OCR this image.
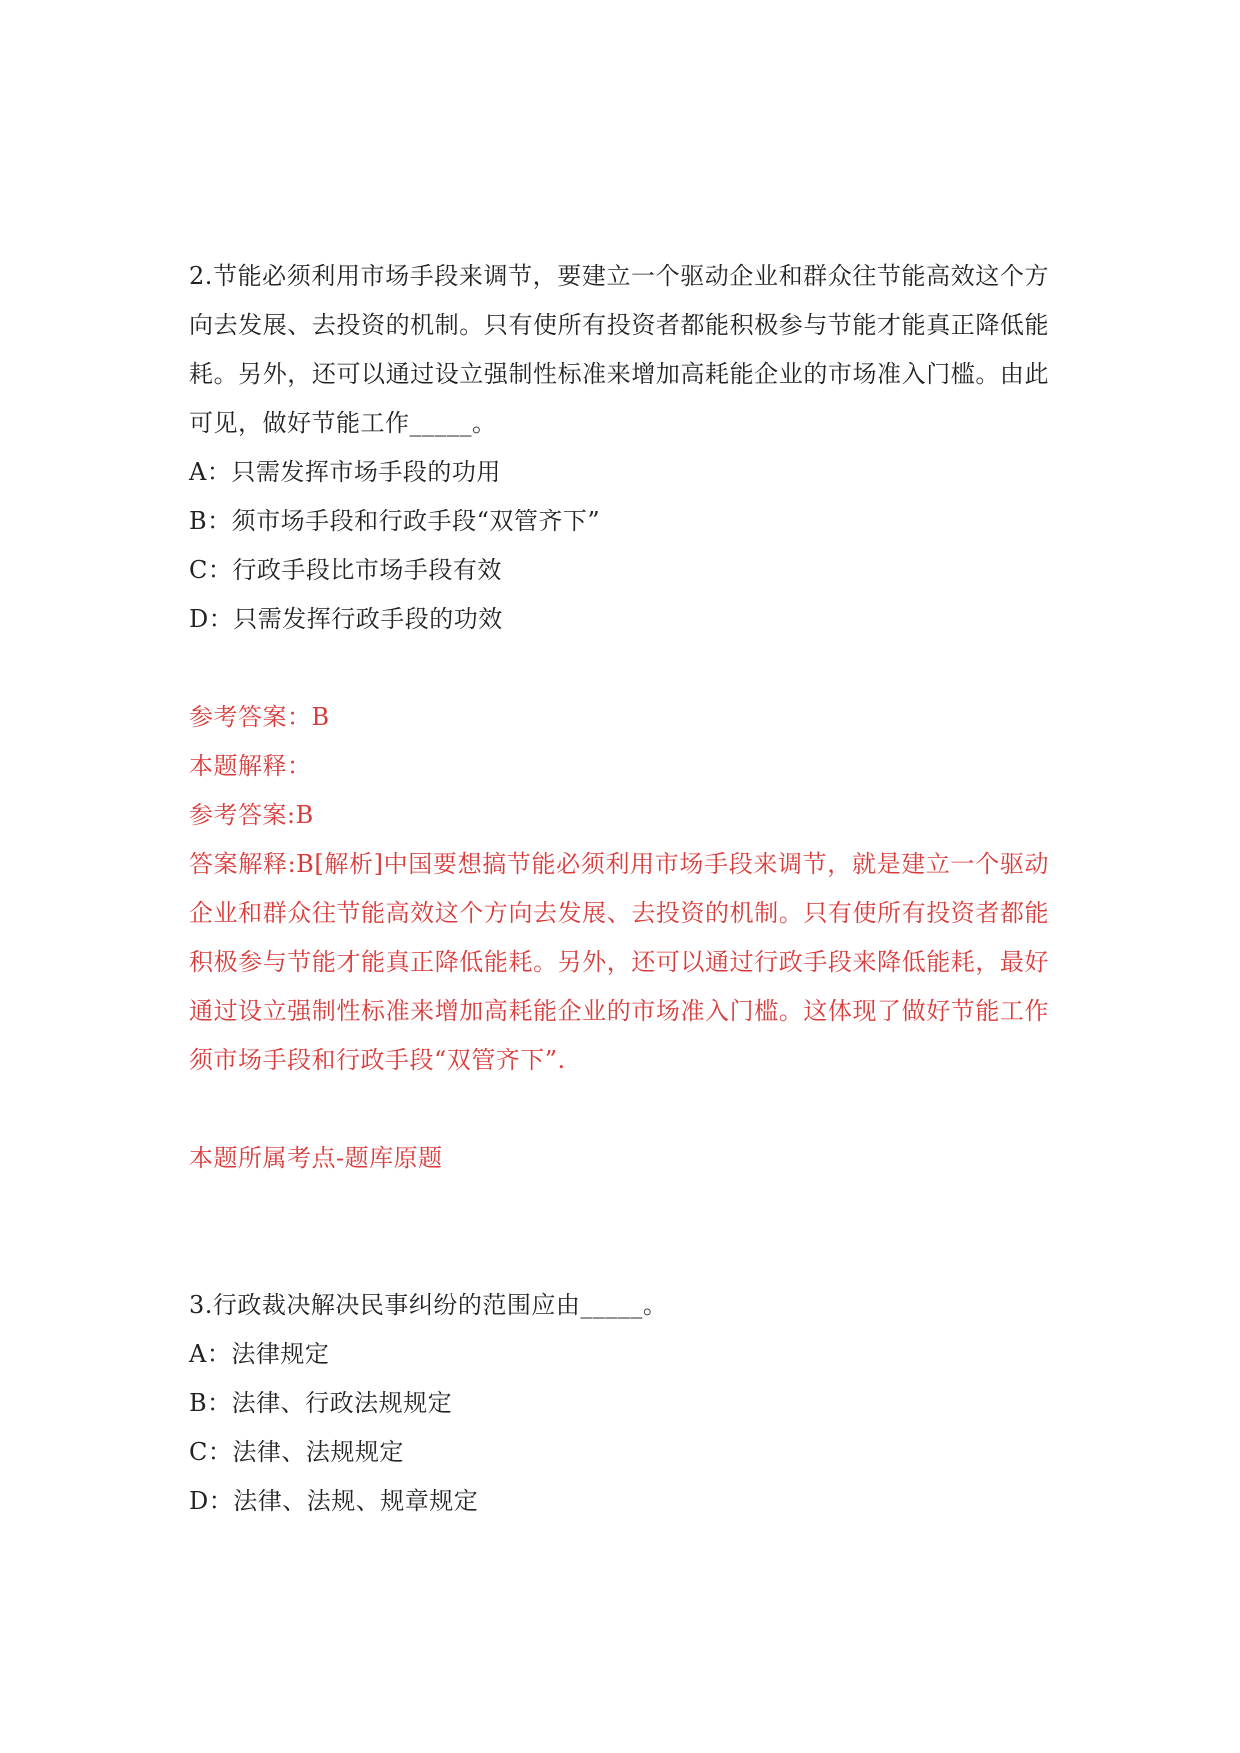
2.节能必须利用市场手段来调节，要建立一个驱动企业和群众往节能高效这个方向去发展、去投资的机制。只有使所有投资者都能积极参与节能才能真正降低能耗。另外，还可以通过设立强制性标准来增加高耗能企业的市场准入门槛。由此可见，做好节能工作_____。
A：只需发挥市场手段的功用
B：须市场手段和行政手段“双管齐下”
C：行政手段比市场手段有效
D：只需发挥行政手段的功效
参考答案：B
本题解释：
参考答案:B
答案解释:B[解析]中国要想搞节能必须利用市场手段来调节，就是建立一个驱动企业和群众往节能高效这个方向去发展、去投资的机制。只有使所有投资者都能积极参与节能才能真正降低能耗。另外，还可以通过行政手段来降低能耗，最好通过设立强制性标准来增加高耗能企业的市场准入门槛。这体现了做好节能工作须市场手段和行政手段“双管齐下”.
本题所属考点-题库原题
3.行政裁决解决民事纠纷的范围应由_____。
A：法律规定
B：法律、行政法规规定
C：法律、法规规定
D：法律、法规、规章规定
